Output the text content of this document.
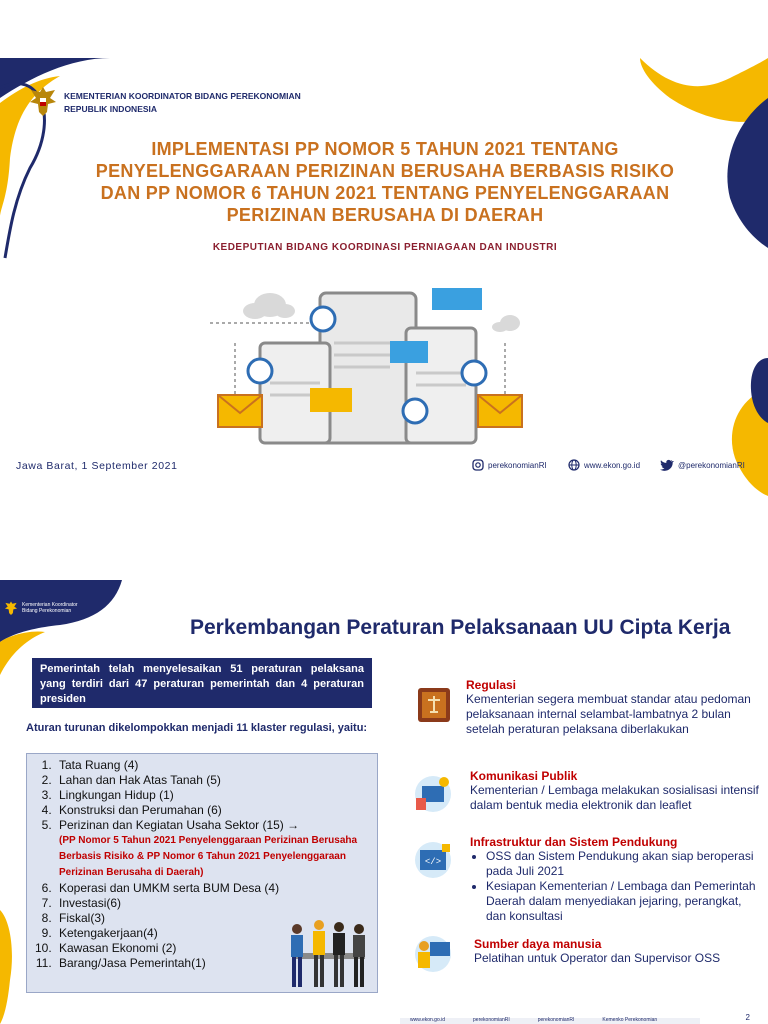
KEMENTERIAN KOORDINATOR BIDANG PEREKONOMIAN
REPUBLIK INDONESIA
IMPLEMENTASI PP NOMOR 5 TAHUN 2021 TENTANG
PENYELENGGARAAN PERIZINAN BERUSAHA BERBASIS RISIKO
DAN PP NOMOR 6 TAHUN 2021 TENTANG PENYELENGGARAAN
PERIZINAN BERUSAHA DI DAERAH
KEDEPUTIAN BIDANG KOORDINASI PERNIAGAAN DAN INDUSTRI
Jawa Barat, 1 September 2021	perekonomianRI	www.ekon.go.id	@perekonomianRI
Kementerian Koordinator
Bidang Perekonomian
Perkembangan Peraturan Pelaksanaan UU Cipta Kerja
Pemerintah telah menyelesaikan 51 peraturan pelaksana yang terdiri dari 47 peraturan pemerintah dan 4 peraturan presiden
Aturan turunan dikelompokkan menjadi 11 klaster regulasi, yaitu:
1. Tata Ruang (4)
2. Lahan dan Hak Atas Tanah (5)
3. Lingkungan Hidup (1)
4. Konstruksi dan Perumahan (6)
5. Perizinan dan Kegiatan Usaha Sektor (15) →
(PP Nomor 5 Tahun 2021 Penyelenggaraan Perizinan Berusaha Berbasis Risiko & PP Nomor 6 Tahun 2021 Penyelenggaraan Perizinan Berusaha di Daerah)
6. Koperasi dan UMKM serta BUM Desa (4)
7. Investasi(6)
8. Fiskal(3)
9. Ketengakerjaan(4)
10. Kawasan Ekonomi (2)
11. Barang/Jasa Pemerintah(1)
Regulasi
Kementerian segera membuat standar atau pedoman pelaksanaan internal selambat-lambatnya 2 bulan setelah peraturan pelaksana diberlakukan
Komunikasi Publik
Kementerian / Lembaga melakukan sosialisasi intensif dalam bentuk media elektronik dan leaflet
</>
Infrastruktur dan Sistem Pendukung
• OSS dan Sistem Pendukung akan siap beroperasi pada Juli 2021
• Kesiapan Kementerian / Lembaga dan Pemerintah Daerah dalam menyediakan jejaring, perangkat, dan konsultasi
Sumber daya manusia
Pelatihan untuk Operator dan Supervisor OSS
www.ekon.go.id	perekonomianRI	perekonomianRI	Kemenko Perekonomian	2
